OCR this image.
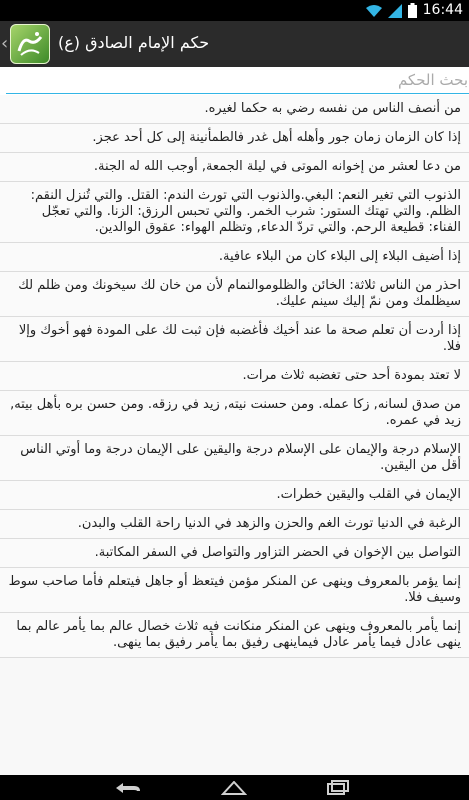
16:44
‹	حكم الإمام الصادق (ع)
بحث الحكم
من أنصف الناس من نفسه رضي به حكما لغيره.
إذا كان الزمان زمان جور وأهله أهل غدر فالطمأنينة إلى كل أحد عجز.
من دعا لعشر من إخوانه الموتى في ليلة الجمعة, أوجب الله له الجنة.
الذنوب التي تغير النعم: البغي.والذنوب التي تورث الندم: القتل. والتي تُنزل النقم: الظلم. والتي تهتك الستور: شرب الخمر. والتي تحبس الرزق: الزنا. والتي تعجّل الفناء: قطيعة الرحم. والتي تردّ الدعاء, وتظلم الهواء: عقوق الوالدين.
إذا أضيف البلاء إلى البلاء كان من البلاء عافية.
احذر من الناس ثلاثة: الخائن والظلوموالنمام لأن من خان لك سيخونك ومن ظلم لك سيظلمك ومن نمّ إليك سينم عليك.
إذا أردت أن تعلم صحة ما عند أخيك فأغضبه فإن ثبت لك على المودة فهو أخوك وإلا فلا.
لا تعتد بمودة أحد حتى تغضبه ثلاث مرات.
من صدق لسانه, زكا عمله. ومن حسنت نيته, زيد في رزقه. ومن حسن بره بأهل بيته, زيد في عمره.
الإسلام درجة والإيمان على الإسلام درجة واليقين على الإيمان درجة وما أوتي الناس أقل من اليقين.
الإيمان في القلب واليقين خطرات.
الرغبة في الدنيا تورث الغم والحزن والزهد في الدنيا راحة القلب والبدن.
التواصل بين الإخوان في الحضر التزاور والتواصل في السفر المكاتبة.
إنما يؤمر بالمعروف وينهى عن المنكر مؤمن فيتعظ أو جاهل فيتعلم فأما صاحب سوط وسيف فلا.
إنما يأمر بالمعروف وينهى عن المنكر منكانت فيه ثلاث خصال عالم بما يأمر عالم بما ينهى عادل فيما يأمر عادل فيماينهى رفيق بما يأمر رفيق بما ينهى.
